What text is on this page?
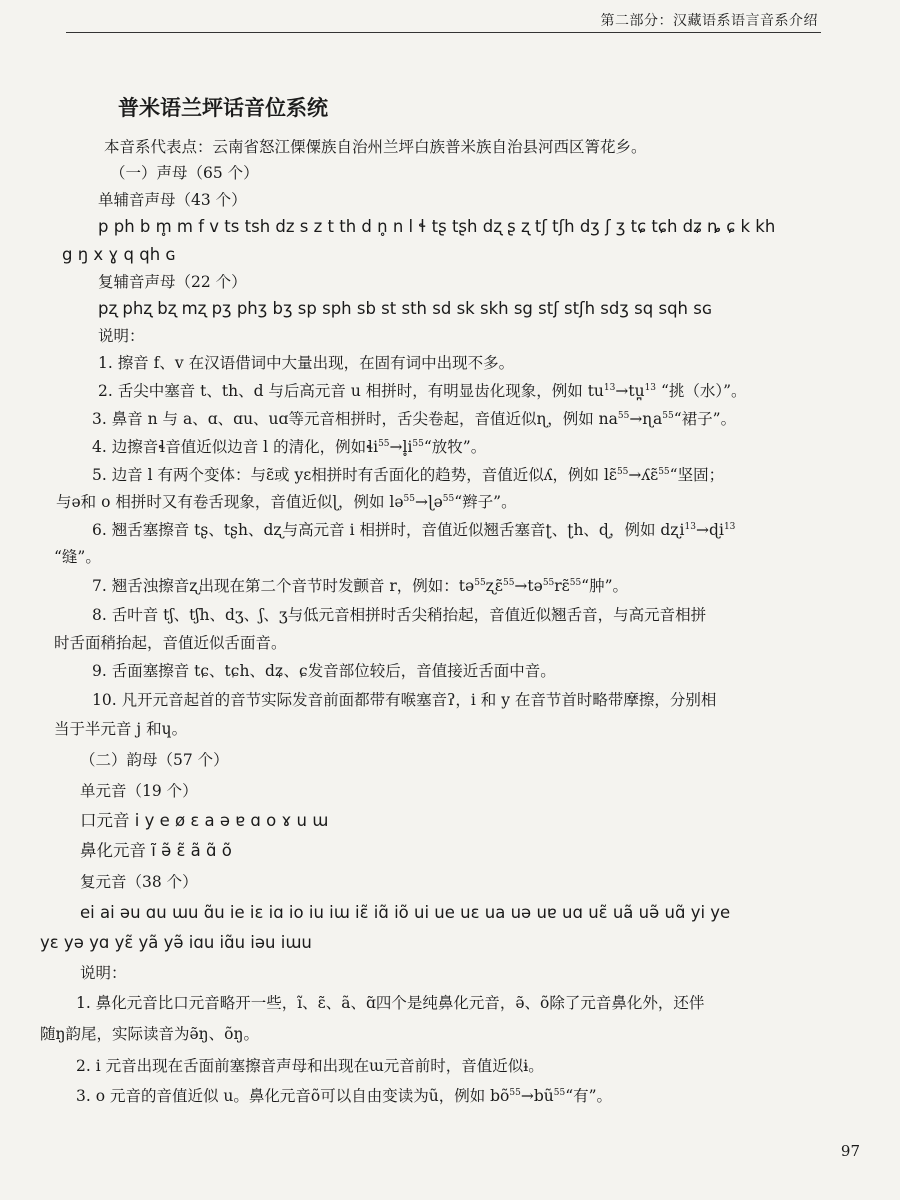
第二部分：汉藏语系语言音系介绍
普米语兰坪话音位系统
本音系代表点：云南省怒江傈僳族自治州兰坪白族普米族自治县河西区箐花乡。
（一）声母（65 个）
单辅音声母（43 个）
p ph b m̥ m f v ts tsh dz s z t th d n̥ n l ɬ tʂ tʂh dʐ ʂ ʐ tʃ tʃh dʒ ʃ ʒ tɕ tɕh dʑ ȵ ɕ k kh
g ŋ x ɣ q qh ɢ
复辅音声母（22 个）
pʐ phʐ bʐ mʐ pʒ phʒ bʒ sp sph sb st sth sd sk skh sg stʃ stʃh sdʒ sq sqh sɢ
说明：
1. 擦音 f、v 在汉语借词中大量出现，在固有词中出现不多。
2. 舌尖中塞音 t、th、d 与后高元音 u 相拼时，有明显齿化现象，例如 $tu^{13}\to tu̪^{13}$ “挑（水）”。
3. 鼻音 n 与 a、ɑ、ɑu、uɑ等元音相拼时，舌尖卷起，音值近似ɳ，例如 $na^{55}\to ɳa^{55}“$裙子”。
4. 边擦音ɬ音值近似边音 l 的清化，例如$ɬi^{55}\to l̥i^{55}“$放牧”。
5. 边音 l 有两个变体：与ɛ̃或 yɛ相拼时有舌面化的趋势，音值近似ʎ，例如 lɛ̃$^{55}$→ʎɛ̃$^{55}$“坚固；
与ə和 o 相拼时又有卷舌现象，音值近似ɭ，例如 lə$^{55}$→ɭə$^{55}$“辫子”。
6. 翘舌塞擦音 tʂ、tʂh、dʐ与高元音 i 相拼时，音值近似翘舌塞音ʈ、ʈh、ɖ，例如 dʐi$^{13}$→ɖi$^{13}$
“缝”。
7. 翘舌浊擦音ʐ出现在第二个音节时发颤音 r，例如：tə$^{55}$ʐɛ̃$^{55}$→tə$^{55}$rɛ̃$^{55}$“肿”。
8. 舌叶音 tʃ、tʃh、dʒ、ʃ、ʒ与低元音相拼时舌尖稍抬起，音值近似翘舌音，与高元音相拼
时舌面稍抬起，音值近似舌面音。
9. 舌面塞擦音 tɕ、tɕh、dʑ、ɕ发音部位较后，音值接近舌面中音。
10. 凡开元音起首的音节实际发音前面都带有喉塞音ʔ，i 和 y 在音节首时略带摩擦，分别相
当于半元音 j 和ɥ。
（二）韵母（57 个）
单元音（19 个）
口元音 i y e ø ɛ a ə ɐ ɑ o ɤ u ɯ
鼻化元音 ĩ ə̃ ɛ̃ ã ɑ̃ õ
复元音（38 个）
ei ai əu ɑu ɯu ɑ̃u ie iɛ iɑ io iu iɯ iɛ̃ iɑ̃ iõ ui ue uɛ ua uə uɐ uɑ uɛ̃ uã uə̃ uɑ̃ yi ye
yɛ yə yɑ yɛ̃ yã yə̃ iɑu iɑ̃u iəu iɯu
说明：
1. 鼻化元音比口元音略开一些，ĩ、ɛ̃、ã、ɑ̃四个是纯鼻化元音，ə̃、õ除了元音鼻化外，还伴
随ŋ韵尾，实际读音为ə̃ŋ、õŋ。
2. i 元音出现在舌面前塞擦音声母和出现在ɯ元音前时，音值近似ɨ。
3. o 元音的音值近似 u。鼻化元音õ可以自由变读为ũ，例如 $bõ^{55}\to bũ^{55}“$有”。
97
